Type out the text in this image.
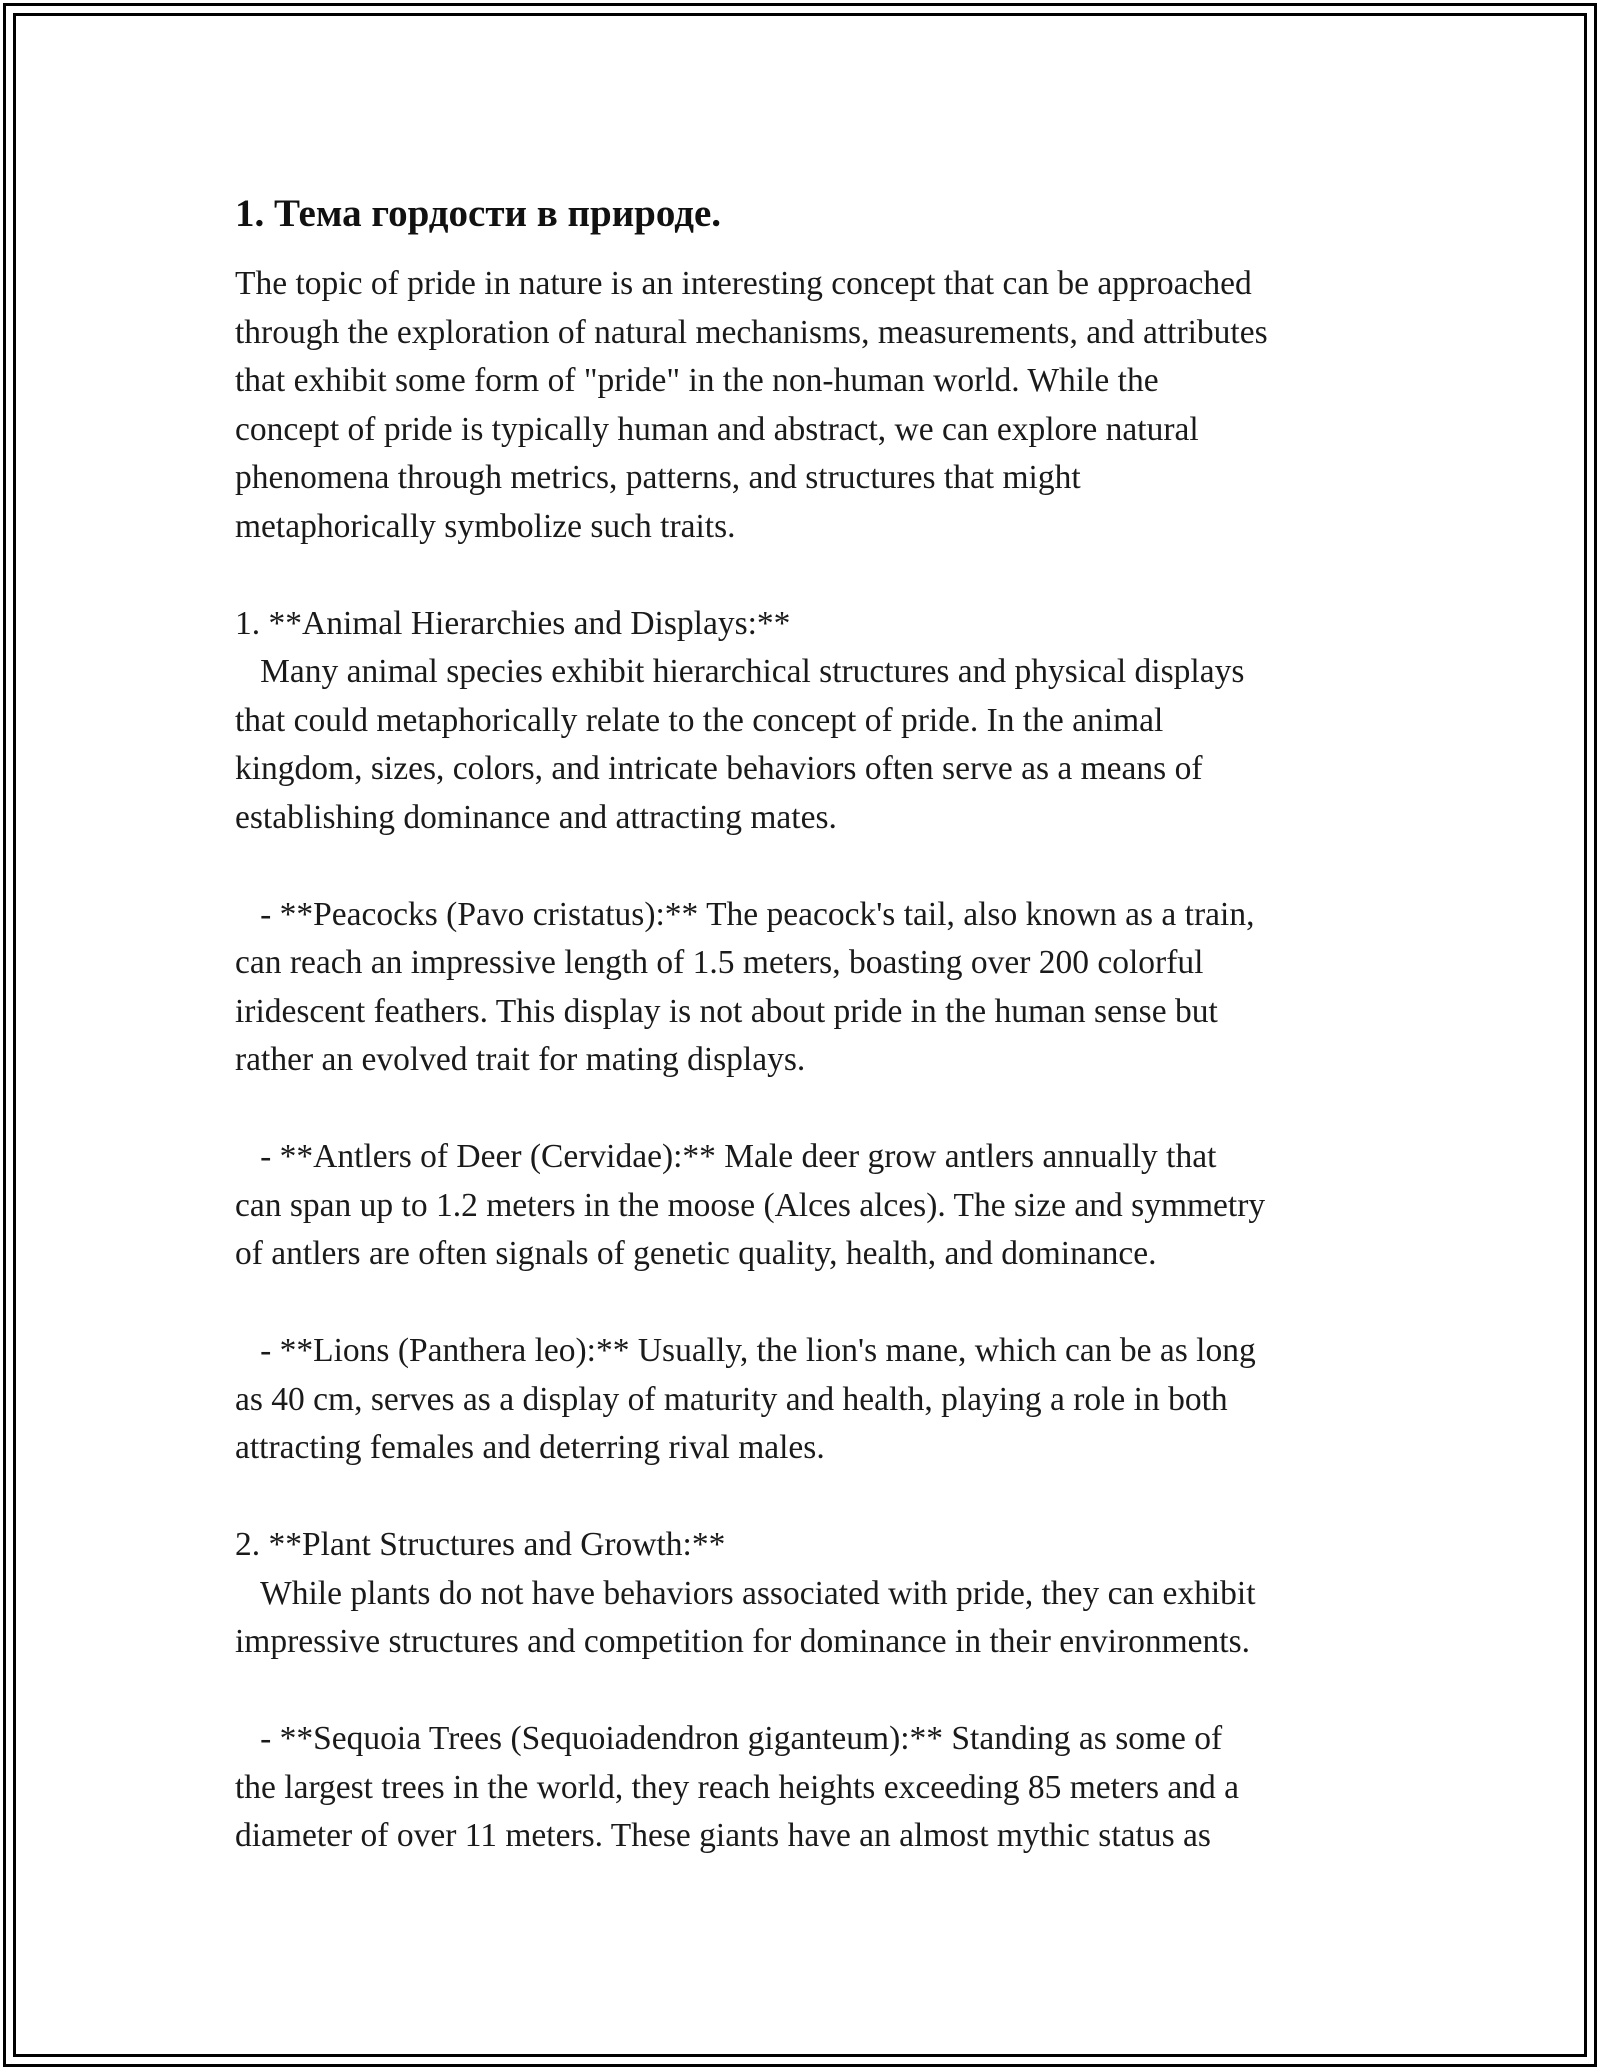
1. Тема гордости в природе.

The topic of pride in nature is an interesting concept that can be approached
through the exploration of natural mechanisms, measurements, and attributes
that exhibit some form of "pride" in the non-human world. While the
concept of pride is typically human and abstract, we can explore natural
phenomena through metrics, patterns, and structures that might
metaphorically symbolize such traits.

1. **Animal Hierarchies and Displays:**
Many animal species exhibit hierarchical structures and physical displays
that could metaphorically relate to the concept of pride. In the animal
kingdom, sizes, colors, and intricate behaviors often serve as a means of
establishing dominance and attracting mates.

- **Peacocks (Pavo cristatus):** The peacock's tail, also known as a train,
can reach an impressive length of 1.5 meters, boasting over 200 colorful
iridescent feathers. This display is not about pride in the human sense but
rather an evolved trait for mating displays.

- **Antlers of Deer (Cervidae):** Male deer grow antlers annually that
can span up to 1.2 meters in the moose (Alces alces). The size and symmetry
of antlers are often signals of genetic quality, health, and dominance.

- **Lions (Panthera leo):** Usually, the lion's mane, which can be as long
as 40 cm, serves as a display of maturity and health, playing a role in both
attracting females and deterring rival males.

2. **Plant Structures and Growth:**
While plants do not have behaviors associated with pride, they can exhibit
impressive structures and competition for dominance in their environments.

- **Sequoia Trees (Sequoiadendron giganteum):** Standing as some of
the largest trees in the world, they reach heights exceeding 85 meters and a
diameter of over 11 meters. These giants have an almost mythic status as
